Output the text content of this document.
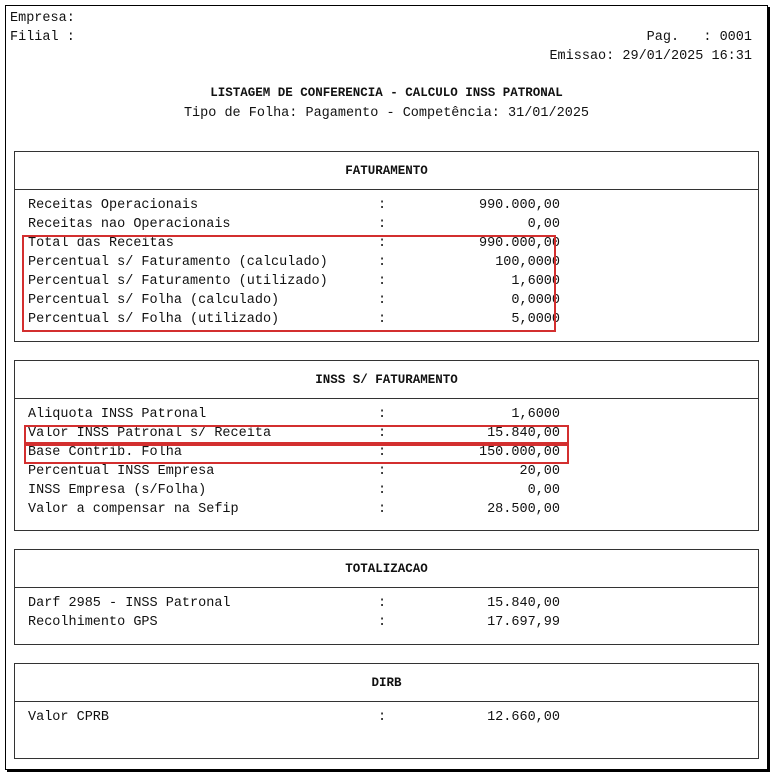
Empresa:
Filial :	Pag.   : 0001
Emissao: 29/01/2025 16:31
LISTAGEM DE CONFERENCIA - CALCULO INSS PATRONAL
Tipo de Folha: Pagamento - Competência: 31/01/2025
FATURAMENTO
Receitas Operacionais	:	990.000,00
Receitas nao Operacionais	:	0,00
Total das Receitas	:	990.000,00
Percentual s/ Faturamento (calculado)	:	100,0000
Percentual s/ Faturamento (utilizado)	:	1,6000
Percentual s/ Folha (calculado)	:	0,0000
Percentual s/ Folha (utilizado)	:	5,0000
INSS S/ FATURAMENTO
Aliquota INSS Patronal	:	1,6000
Valor INSS Patronal s/ Receita	:	15.840,00
Base Contrib. Folha	:	150.000,00
Percentual INSS Empresa	:	20,00
INSS Empresa (s/Folha)	:	0,00
Valor a compensar na Sefip	:	28.500,00
TOTALIZACAO
Darf 2985 - INSS Patronal	:	15.840,00
Recolhimento GPS	:	17.697,99
DIRB
Valor CPRB	:	12.660,00
